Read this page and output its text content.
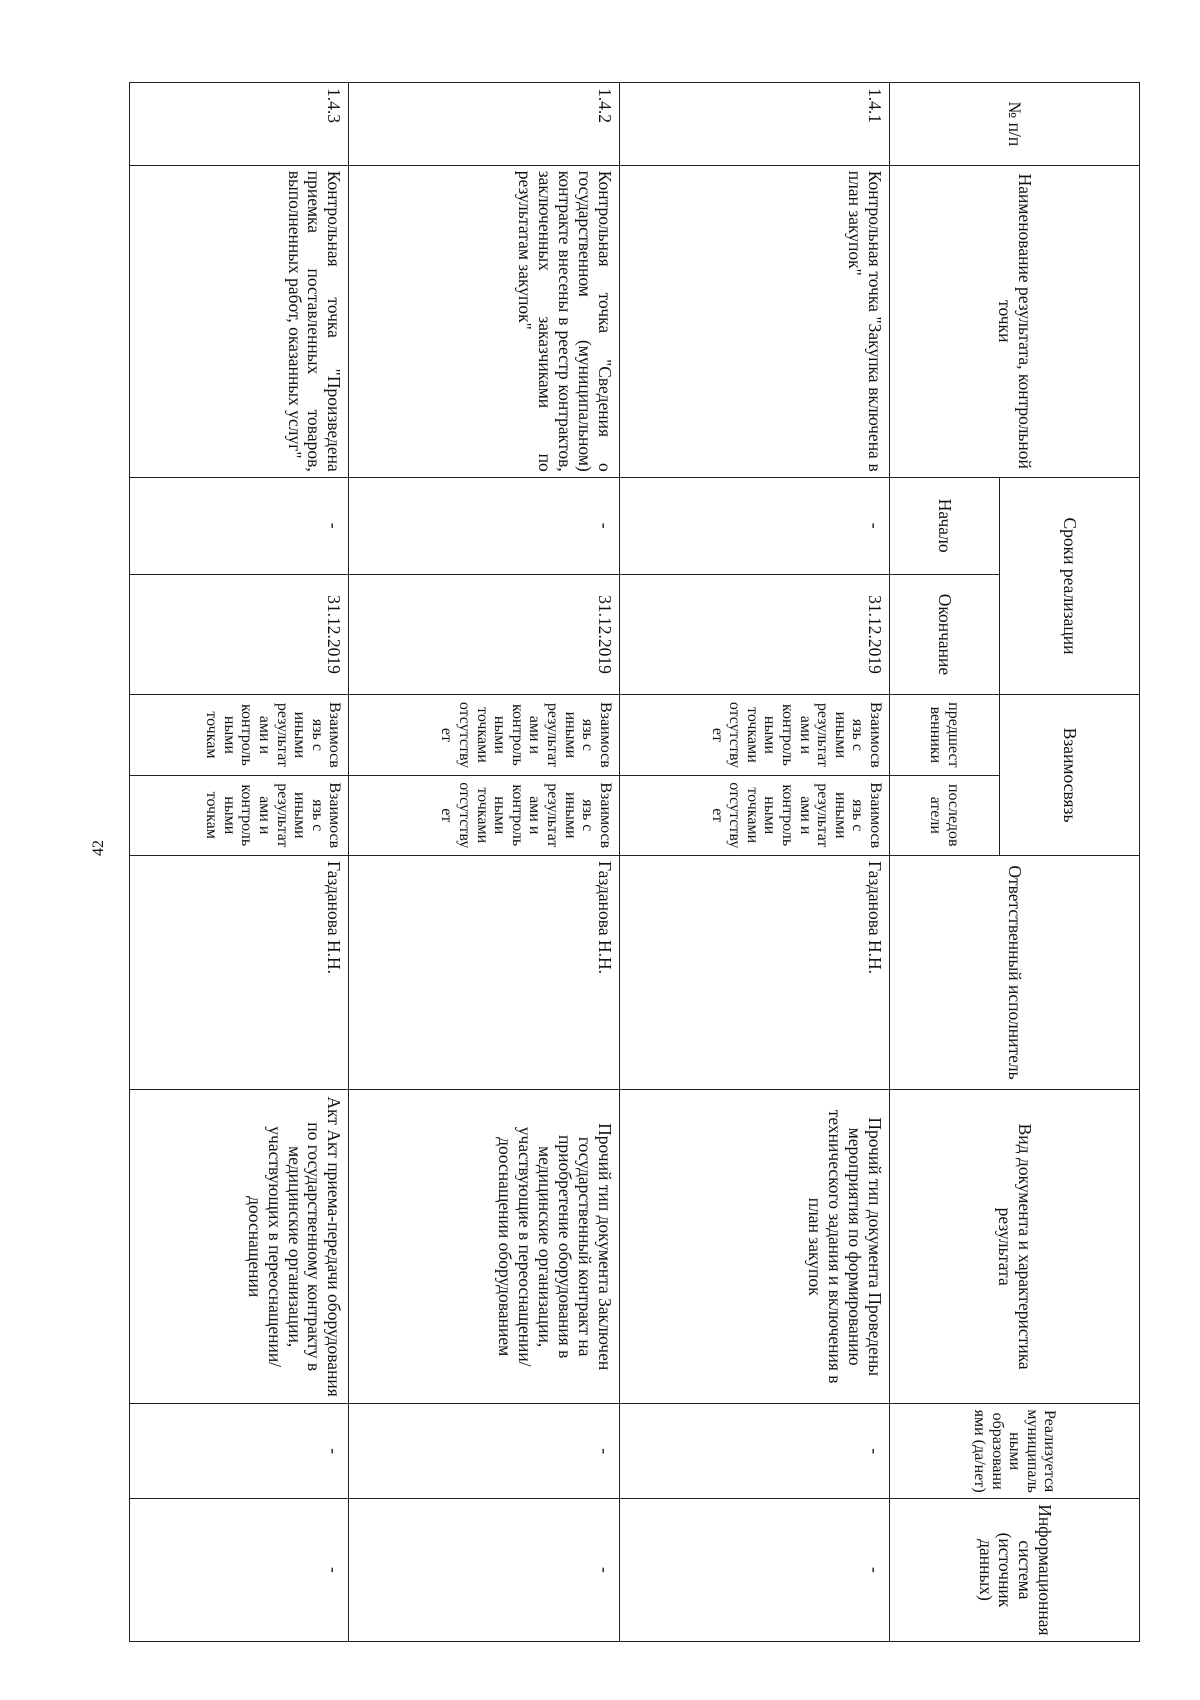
42
№ п/п	Наименование результата, контрольной точки	Сроки реализации		Взаимосвязь		Ответственный исполнитель	Вид документа и характеристика результата	Реализуется муниципальными образованиями (да/нет)	Информационная система (источник данных)
		Начало	Окончание	предшественники	последователи				
1.4.1	Контрольная точка "Закупка включена в план закупок"	-	31.12.2019	Взаимосвязь с иными результатами и контрольными точками отсутствует	Взаимосвязь с иными результатами и контрольными точками отсутствует	Газданова Н.Н.	Прочий тип документа Проведены мероприятия по формированию технического задания и включения в план закупок	-	-
1.4.2	Контрольная точка "Сведения о государственном (муниципальном) контракте внесены в реестр контрактов, заключенных заказчиками по результатам закупок"	-	31.12.2019	Взаимосвязь с иными результатами и контрольными точками отсутствует	Взаимосвязь с иными результатами и контрольными точками отсутствует	Газданова Н.Н.	Прочий тип документа Заключен государственный контракт на приобретение оборудования в медицинские организации, участвующие в переоснащении/дооснащении оборудованием	-	-
1.4.3	Контрольная точка "Произведена приемка поставленных товаров, выполненных работ, оказанных услуг"	-	31.12.2019	Взаимосвязь с иными результатами и контрольными точкам	Взаимосвязь с иными результатами и контрольными точкам	Газданова Н.Н.	Акт Акт приема-передачи оборудования по государственному контракту в медицинские организации, участвующих в переоснащении/дооснащении	-	-
